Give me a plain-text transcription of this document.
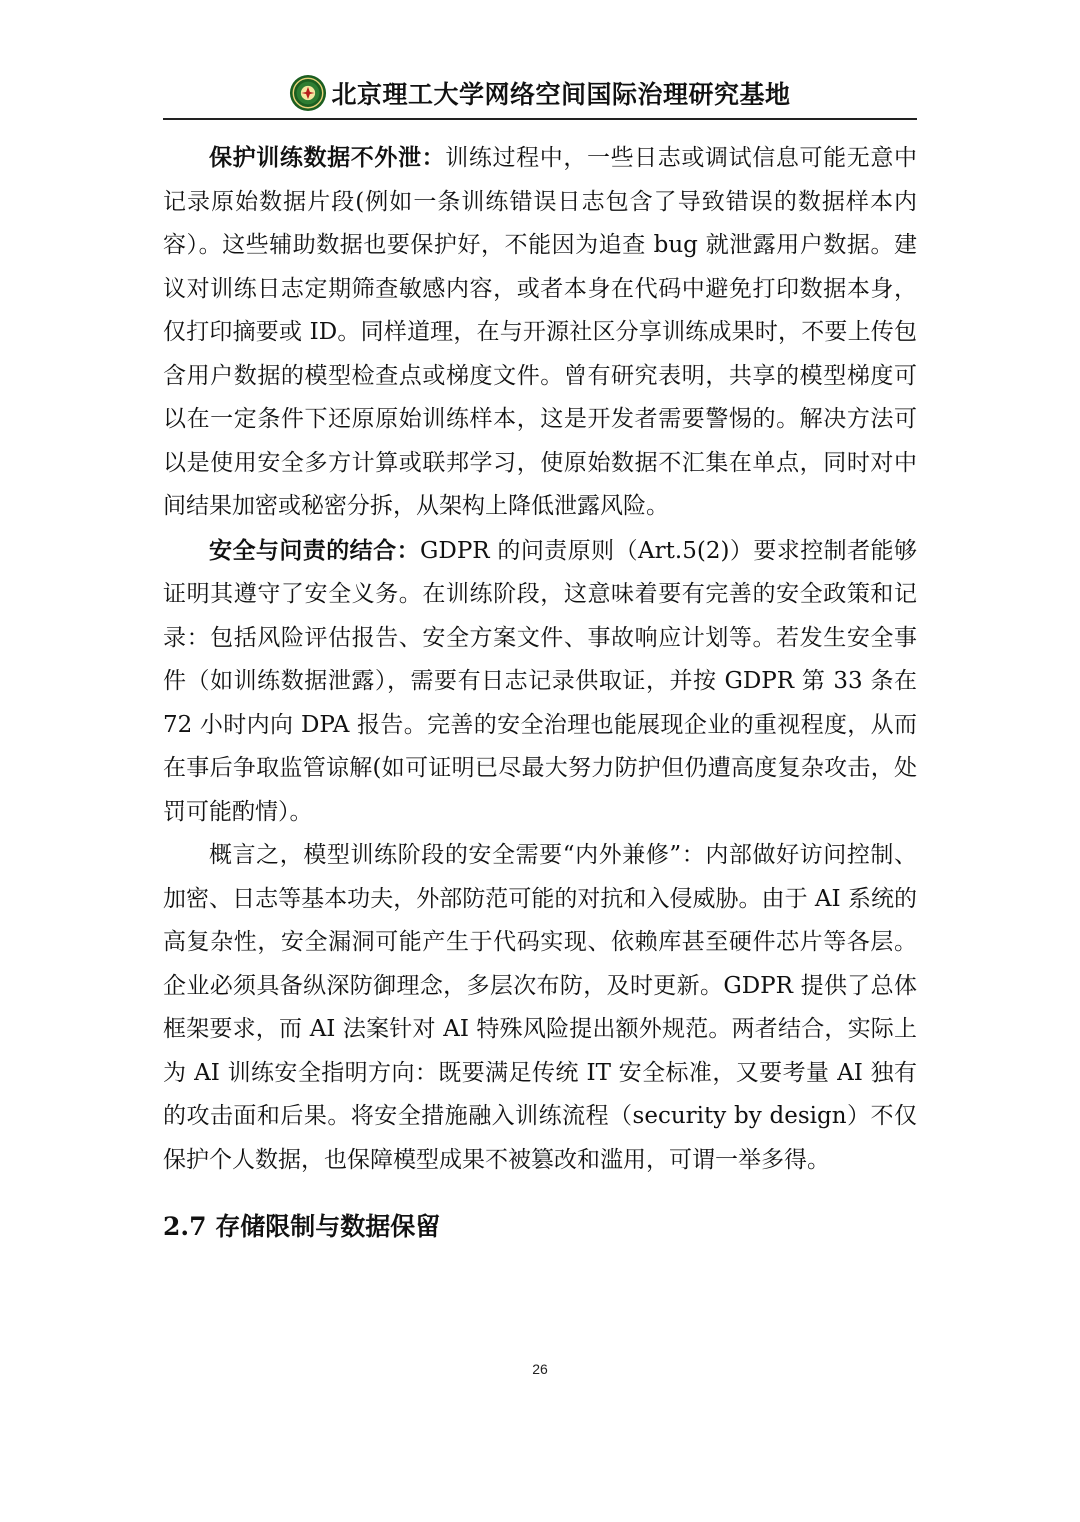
北京理工大学网络空间国际治理研究基地

保护训练数据不外泄：训练过程中，一些日志或调试信息可能无意中记录原始数据片段(例如一条训练错误日志包含了导致错误的数据样本内容）。这些辅助数据也要保护好，不能因为追查 bug 就泄露用户数据。建议对训练日志定期筛查敏感内容，或者本身在代码中避免打印数据本身，仅打印摘要或 ID。同样道理，在与开源社区分享训练成果时，不要上传包含用户数据的模型检查点或梯度文件。曾有研究表明，共享的模型梯度可以在一定条件下还原原始训练样本，这是开发者需要警惕的。解决方法可以是使用安全多方计算或联邦学习，使原始数据不汇集在单点，同时对中间结果加密或秘密分拆，从架构上降低泄露风险。

安全与问责的结合：GDPR 的问责原则（Art.5(2)）要求控制者能够证明其遵守了安全义务。在训练阶段，这意味着要有完善的安全政策和记录：包括风险评估报告、安全方案文件、事故响应计划等。若发生安全事件（如训练数据泄露），需要有日志记录供取证，并按 GDPR 第 33 条在 72 小时内向 DPA 报告。完善的安全治理也能展现企业的重视程度，从而在事后争取监管谅解(如可证明已尽最大努力防护但仍遭高度复杂攻击，处罚可能酌情）。

概言之，模型训练阶段的安全需要“内外兼修”：内部做好访问控制、加密、日志等基本功夫，外部防范可能的对抗和入侵威胁。由于 AI 系统的高复杂性，安全漏洞可能产生于代码实现、依赖库甚至硬件芯片等各层。企业必须具备纵深防御理念，多层次布防，及时更新。GDPR 提供了总体框架要求，而 AI 法案针对 AI 特殊风险提出额外规范。两者结合，实际上为 AI 训练安全指明方向：既要满足传统 IT 安全标准，又要考量 AI 独有的攻击面和后果。将安全措施融入训练流程（security by design）不仅保护个人数据，也保障模型成果不被篡改和滥用，可谓一举多得。

2.7 存储限制与数据保留
26
